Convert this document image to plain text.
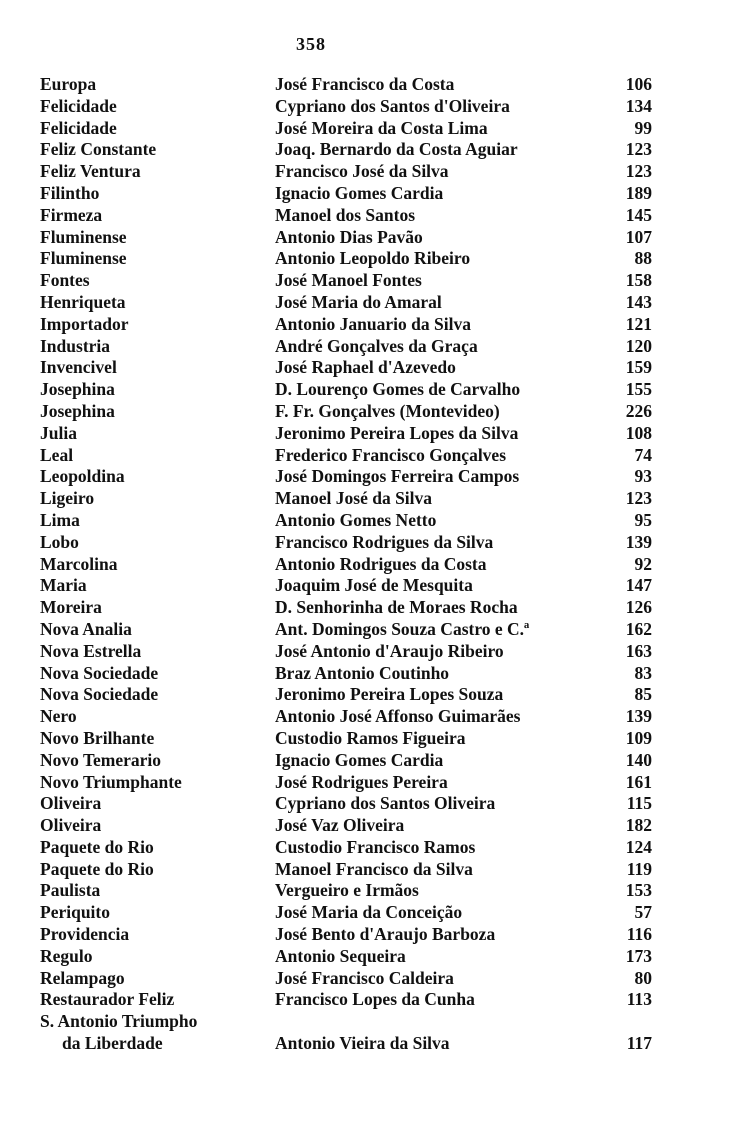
358
Europa	José Francisco da Costa	106
Felicidade	Cypriano dos Santos d'Oliveira	134
Felicidade	José Moreira da Costa Lima	99
Feliz Constante	Joaq. Bernardo da Costa Aguiar	123
Feliz Ventura	Francisco José da Silva	123
Filintho	Ignacio Gomes Cardia	189
Firmeza	Manoel dos Santos	145
Fluminense	Antonio Dias Pavão	107
Fluminense	Antonio Leopoldo Ribeiro	88
Fontes	José Manoel Fontes	158
Henriqueta	José Maria do Amaral	143
Importador	Antonio Januario da Silva	121
Industria	André Gonçalves da Graça	120
Invencivel	José Raphael d'Azevedo	159
Josephina	D. Lourenço Gomes de Carvalho	155
Josephina	F. Fr. Gonçalves (Montevideo)	226
Julia	Jeronimo Pereira Lopes da Silva	108
Leal	Frederico Francisco Gonçalves	74
Leopoldina	José Domingos Ferreira Campos	93
Ligeiro	Manoel José da Silva	123
Lima	Antonio Gomes Netto	95
Lobo	Francisco Rodrigues da Silva	139
Marcolina	Antonio Rodrigues da Costa	92
Maria	Joaquim José de Mesquita	147
Moreira	D. Senhorinha de Moraes Rocha	126
Nova Analia	Ant. Domingos Souza Castro e C.ª	162
Nova Estrella	José Antonio d'Araujo Ribeiro	163
Nova Sociedade	Braz Antonio Coutinho	83
Nova Sociedade	Jeronimo Pereira Lopes Souza	85
Nero	Antonio José Affonso Guimarães	139
Novo Brilhante	Custodio Ramos Figueira	109
Novo Temerario	Ignacio Gomes Cardia	140
Novo Triumphante	José Rodrigues Pereira	161
Oliveira	Cypriano dos Santos Oliveira	115
Oliveira	José Vaz Oliveira	182
Paquete do Rio	Custodio Francisco Ramos	124
Paquete do Rio	Manoel Francisco da Silva	119
Paulista	Vergueiro e Irmãos	153
Periquito	José Maria da Conceição	57
Providencia	José Bento d'Araujo Barboza	116
Regulo	Antonio Sequeira	173
Relampago	José Francisco Caldeira	80
Restaurador Feliz	Francisco Lopes da Cunha	113
S. Antonio Triumpho
da Liberdade	Antonio Vieira da Silva	117
